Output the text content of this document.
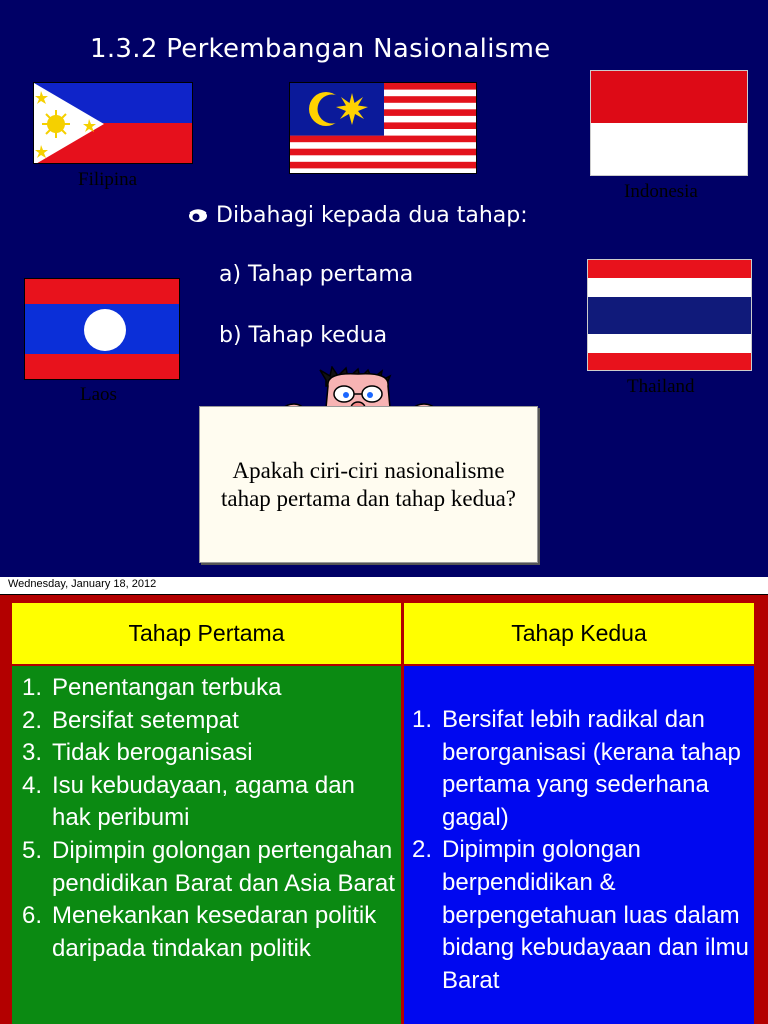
1.3.2 Perkembangan Nasionalisme
Filipina
Indonesia
Dibahagi kepada dua tahap:
a) Tahap pertama
b) Tahap kedua
Laos	Thailand
Apakah ciri-ciri nasionalisme tahap pertama dan tahap kedua?
Wednesday, January 18, 2012
Tahap Pertama	Tahap Kedua
1. Penentangan terbuka
2. Bersifat setempat
3. Tidak beroganisasi
4. Isu kebudayaan, agama dan hak peribumi
5. Dipimpin golongan pertengahan pendidikan Barat dan Asia Barat
6. Menekankan kesedaran politik daripada tindakan politik
1. Bersifat lebih radikal dan berorganisasi (kerana tahap pertama yang sederhana gagal)
2. Dipimpin golongan berpendidikan & berpengetahuan luas dalam bidang kebudayaan dan ilmu Barat
